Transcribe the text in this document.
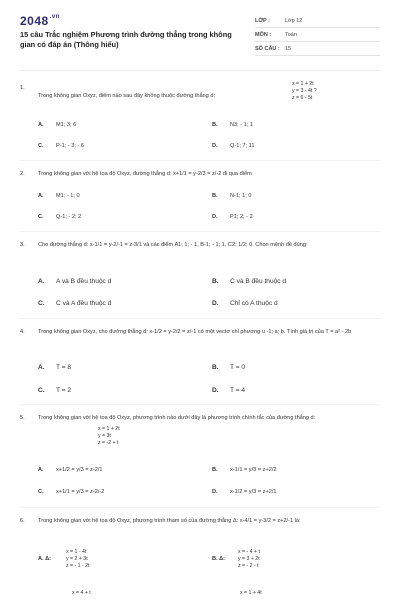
$2048^{.vn}$
15 câu Trắc nghiệm Phương trình đường thẳng trong không gian có đáp án (Thông hiểu)
LỚP :	Lớp 12
MÔN :	Toán
SỐ CÂU : 15
1.
Trong không gian Oxyz, điểm nào sau đây không thuộc đường thẳng d:
x = 1 + 2t
y = 3 - 4t ?
z = 6 - 5t
A. M1; 3; 6	B. N3; - 1; 1
C. P-1; - 3; - 6	D. Q-1; 7; 11
2. Trong không gian với hệ tọa độ Oxyz, đường thẳng d: x+1/1 = y-2/3 = z/-2 đi qua điểm
A. M1; - 1; 0	B. N-1; 1; 0
C. Q-1; - 2; 2	D. P1; 2; - 2
3. Cho đường thẳng d: x-1/1 = y-2/-1 = z-3/1 và các điểm A1; 1; - 1, B-1; - 1; 1, C2; 1/2; 0. Chọn mệnh đề đúng:
A. A và B đều thuộc d	B. C và B đều thuộc d
C. C và A đều thuộc d	D. Chỉ có A thuộc d
4. Trong không gian Oxyz, cho đường thẳng d: x-1/2 = y-2/2 = z/-1 có một vectơ chỉ phương u -1; a; b. Tính giá trị của T = a² - 2b
A. T = 8	B. T = 0
C. T = 2	D. T = 4
5. Trong không gian với hệ tọa độ Oxyz, phương trình nào dưới đây là phương trình chính tắc của đường thẳng d:
x = 1 + 2t
y = 3t
z = -2 + t
A. x+1/2 = y/3 = z-2/1	B. x-1/1 = y/3 = z+2/2
C. x+1/1 = y/3 = z-2/-2	D. x-1/2 = y/3 = z+2/1
6. Trong không gian với hệ tọa độ Oxyz, phương trình tham số của đường thẳng Δ: x-4/1 = y-3/2 = z+2/-1 là:
A. Δ:
x = 1 - 4t
y = 2 + 3t
z = - 1 - 2t
B. Δ:
x = - 4 + t
y = 3 + 2t
z = - 2 - t
x = 4 + t	x = 1 + 4t
